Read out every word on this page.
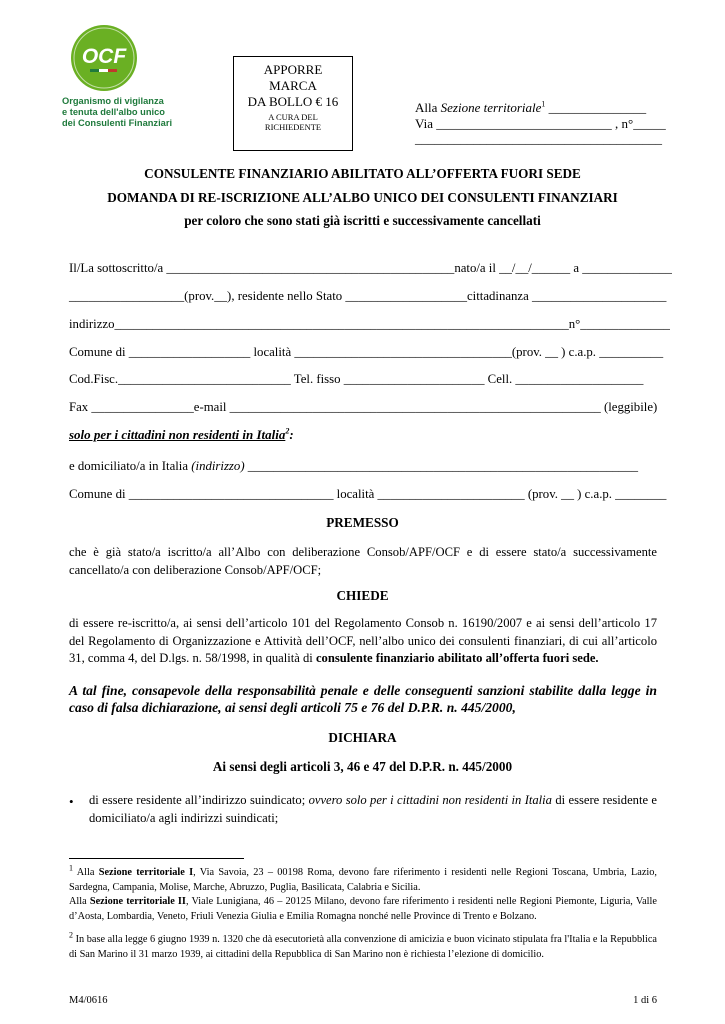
OCF
Organismo di vigilanza
e tenuta dell'albo unico
dei Consulenti Finanziari
APPORRE
MARCA
DA BOLLO € 16
A CURA DEL
RICHIEDENTE
Alla Sezione territoriale$^1$ _______________
Via ___________________________ , n°_____
______________________________________
CONSULENTE FINANZIARIO ABILITATO ALL’OFFERTA FUORI SEDE
DOMANDA DI RE-ISCRIZIONE ALL’ALBO UNICO DEI CONSULENTI FINANZIARI
per coloro che sono stati già iscritti e successivamente cancellati
Il/La sottoscritto/a _____________________________________________ nato/a il __/__/______ a ______________
__________________(prov.__), residente nello Stato ___________________ cittadinanza _____________________
indirizzo_______________________________________________________________________ n°______________
Comune di ___________________ località __________________________________(prov. __ ) c.a.p. __________
Cod.Fisc.___________________________ Tel. fisso ______________________ Cell. ____________________
Fax ________________e-mail __________________________________________________________ (leggibile)
solo per i cittadini non residenti in Italia$^2$:
e domiciliato/a in Italia (indirizzo) _____________________________________________________________
Comune di ________________________________ località _______________________ (prov. __ ) c.a.p. ________
PREMESSO
che è già stato/a iscritto/a all’Albo con deliberazione Consob/APF/OCF e di essere stato/a successivamente cancellato/a con deliberazione Consob/APF/OCF;
CHIEDE
di essere re-iscritto/a, ai sensi dell’articolo 101 del Regolamento Consob n. 16190/2007 e ai sensi dell’articolo 17 del Regolamento di Organizzazione e Attività dell’OCF, nell’albo unico dei consulenti finanziari, di cui all’articolo 31, comma 4, del D.lgs. n. 58/1998, in qualità di consulente finanziario abilitato all’offerta fuori sede.
A tal fine, consapevole della responsabilità penale e delle conseguenti sanzioni stabilite dalla legge in caso di falsa dichiarazione, ai sensi degli articoli 75 e 76 del D.P.R. n. 445/2000,
DICHIARA
Ai sensi degli articoli 3, 46 e 47 del D.P.R. n. 445/2000
• di essere residente all’indirizzo suindicato; ovvero solo per i cittadini non residenti in Italia di essere residente e domiciliato/a agli indirizzi suindicati;
$^1$ Alla Sezione territoriale I, Via Savoia, 23 – 00198 Roma, devono fare riferimento i residenti nelle Regioni Toscana, Umbria, Lazio, Sardegna, Campania, Molise, Marche, Abruzzo, Puglia, Basilicata, Calabria e Sicilia.
Alla Sezione territoriale II, Viale Lunigiana, 46 – 20125 Milano, devono fare riferimento i residenti nelle Regioni Piemonte, Liguria, Valle d’Aosta, Lombardia, Veneto, Friuli Venezia Giulia e Emilia Romagna nonché nelle Province di Trento e Bolzano.
$^2$ In base alla legge 6 giugno 1939 n. 1320 che dà esecutorietà alla convenzione di amicizia e buon vicinato stipulata fra l'Italia e la Repubblica di San Marino il 31 marzo 1939, ai cittadini della Repubblica di San Marino non è richiesta l’elezione di domicilio.
M4/0616	1 di 6
